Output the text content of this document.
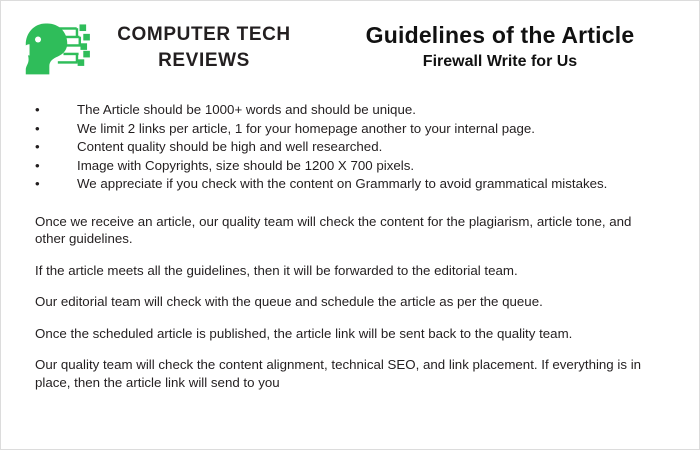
COMPUTER TECH REVIEWS
Guidelines of the Article
Firewall Write for Us
•	The Article should be 1000+ words and should be unique.
•	We limit 2 links per article, 1 for your homepage another to your internal page.
•	Content quality should be high and well researched.
•	Image with Copyrights, size should be 1200 X 700 pixels.
•	We appreciate if you check with the content on Grammarly to avoid grammatical mistakes.

Once we receive an article, our quality team will check the content for the plagiarism, article tone, and other guidelines.

If the article meets all the guidelines, then it will be forwarded to the editorial team.

Our editorial team will check with the queue and schedule the article as per the queue.

Once the scheduled article is published, the article link will be sent back to the quality team.

Our quality team will check the content alignment, technical SEO, and link placement. If everything is in place, then the article link will send to you
